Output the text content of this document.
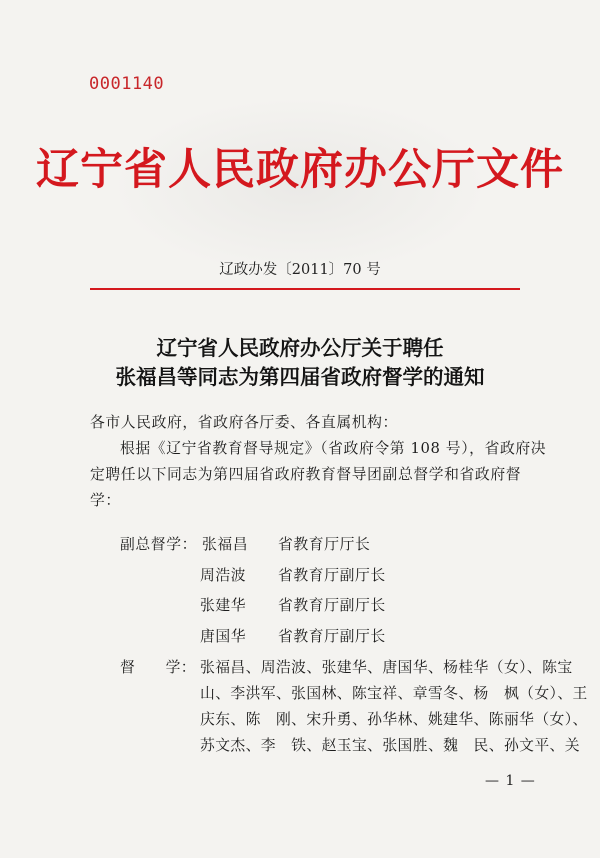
0001140
辽宁省人民政府办公厅文件
辽政办发〔2011〕70 号
辽宁省人民政府办公厅关于聘任
张福昌等同志为第四届省政府督学的通知
各市人民政府，省政府各厅委、各直属机构：
根据《辽宁省教育督导规定》（省政府令第 108 号），省政府决
定聘任以下同志为第四届省政府教育督导团副总督学和省政府督
学：
副总督学： 张福昌	省教育厅厅长
周浩波	省教育厅副厅长
张建华	省教育厅副厅长
唐国华	省教育厅副厅长
督　　学： 张福昌、周浩波、张建华、唐国华、杨桂华（女）、陈宝
山、李洪军、张国林、陈宝祥、章雪冬、杨　枫（女）、王
庆东、陈　刚、宋升勇、孙华林、姚建华、陈丽华（女）、
苏文杰、李　铁、赵玉宝、张国胜、魏　民、孙文平、关
— 1 —
